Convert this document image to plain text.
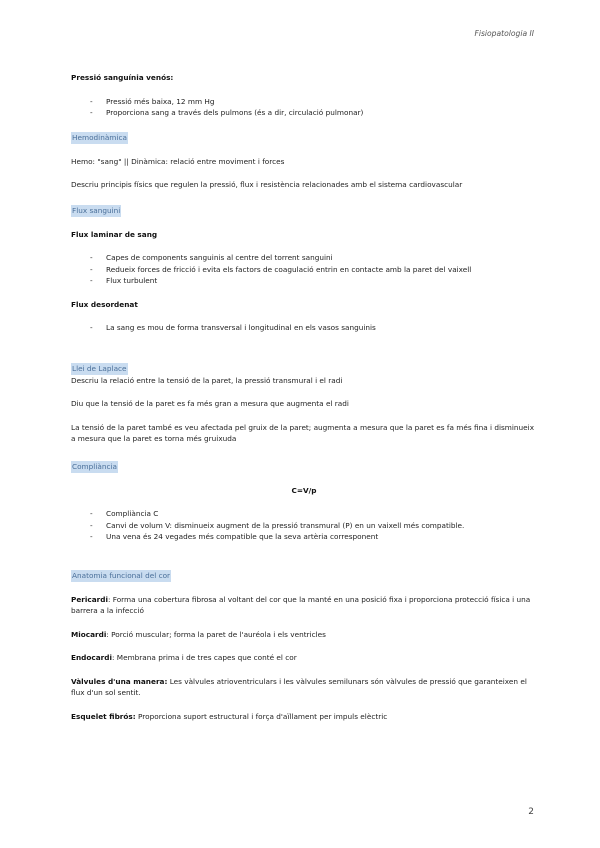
Fisiopatologia II

Pressió sanguínia venós:

- Pressió més baixa, 12 mm Hg
- Proporciona sang a través dels pulmons (és a dir, circulació pulmonar)

Hemodinàmica

Hemo: "sang" || Dinàmica: relació entre moviment i forces

Descriu principis físics que regulen la pressió, flux i resistència relacionades amb el sistema cardiovascular

Flux sanguini

Flux laminar de sang

- Capes de components sanguinis al centre del torrent sanguini
- Redueix forces de fricció i evita els factors de coagulació entrin en contacte amb la paret del vaixell
- Flux turbulent

Flux desordenat

- La sang es mou de forma transversal i longitudinal en els vasos sanguinis

Llei de Laplace

Descriu la relació entre la tensió de la paret, la pressió transmural i el radi

Diu que la tensió de la paret es fa més gran a mesura que augmenta el radi

La tensió de la paret també es veu afectada pel gruix de la paret; augmenta a mesura que la paret es fa més fina i disminueix a mesura que la paret es torna més gruixuda

Compliància

C=V/p

- Compliància C
- Canvi de volum V: disminueix augment de la pressió transmural (P) en un vaixell més compatible.
- Una vena és 24 vegades més compatible que la seva artèria corresponent

Anatomia funcional del cor

Pericardi: Forma una cobertura fibrosa al voltant del cor que la manté en una posició fixa i proporciona protecció física i una barrera a la infecció

Miocardi: Porció muscular; forma la paret de l'auréola i els ventricles

Endocardi: Membrana prima i de tres capes que conté el cor

Vàlvules d'una manera: Les vàlvules atrioventriculars i les vàlvules semilunars són vàlvules de pressió que garanteixen el flux d'un sol sentit.

Esquelet fibrós: Proporciona suport estructural i força d'aïllament per impuls elèctric

2
